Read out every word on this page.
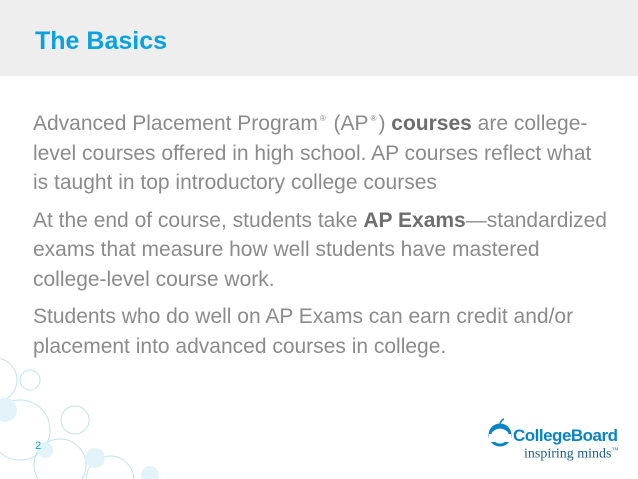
The Basics

Advanced Placement Program ® (AP ®) courses are college-level courses offered in high school. AP courses reflect what is taught in top introductory college courses

At the end of course, students take AP Exams—standardized exams that measure how well students have mastered college-level course work.

Students who do well on AP Exams can earn credit and/or placement into advanced courses in college.

2
CollegeBoard
inspiring minds™
